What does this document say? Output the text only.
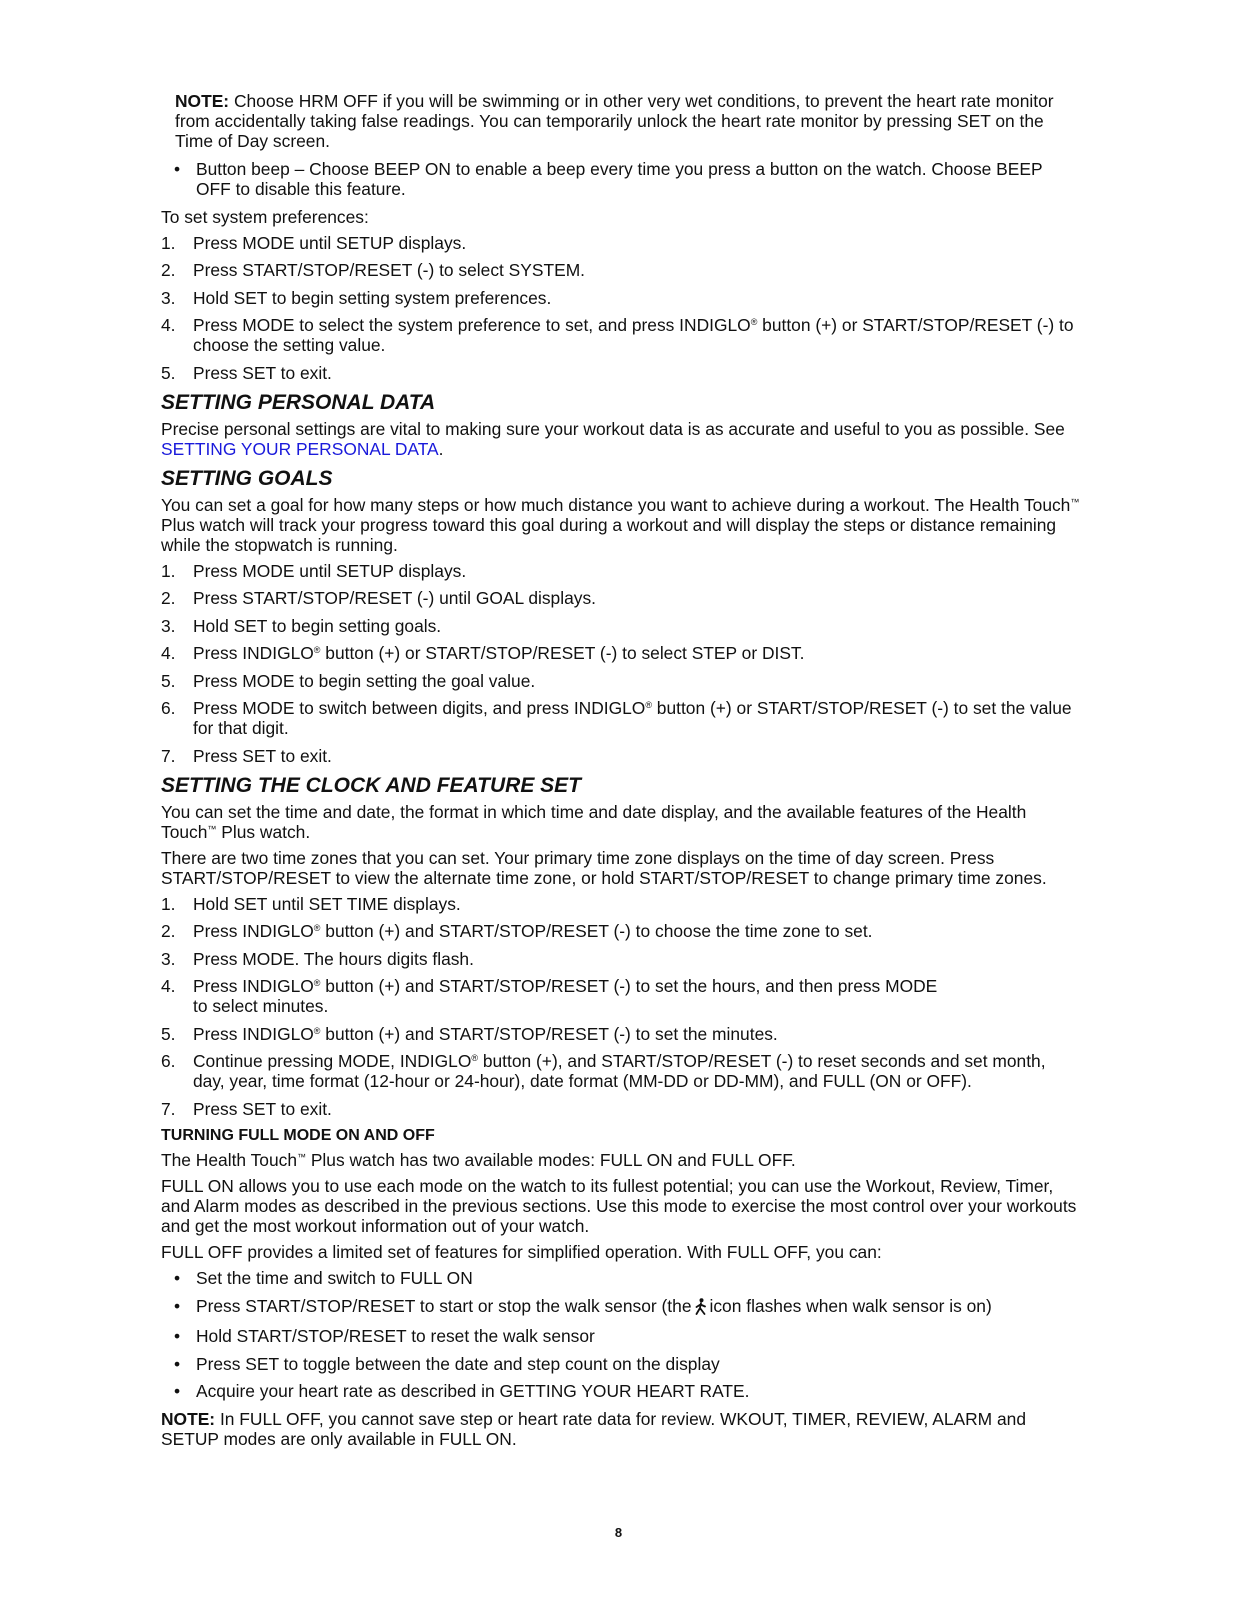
NOTE: Choose HRM OFF if you will be swimming or in other very wet conditions, to prevent the heart rate monitor from accidentally taking false readings. You can temporarily unlock the heart rate monitor by pressing SET on the Time of Day screen.

• Button beep – Choose BEEP ON to enable a beep every time you press a button on the watch. Choose BEEP OFF to disable this feature.

To set system preferences:

1.	Press MODE until SETUP displays.
2.	Press START/STOP/RESET (-) to select SYSTEM.
3.	Hold SET to begin setting system preferences.
4.	Press MODE to select the system preference to set, and press INDIGLO® button (+) or START/STOP/RESET (-) to choose the setting value.
5.	Press SET to exit.
SETTING PERSONAL DATA

Precise personal settings are vital to making sure your workout data is as accurate and useful to you as possible. See SETTING YOUR PERSONAL DATA.

SETTING GOALS

You can set a goal for how many steps or how much distance you want to achieve during a workout. The Health Touch™ Plus watch will track your progress toward this goal during a workout and will display the steps or distance remaining while the stopwatch is running.

1.	Press MODE until SETUP displays.
2.	Press START/STOP/RESET (-) until GOAL displays.
3.	Hold SET to begin setting goals.
4.	Press INDIGLO® button (+) or START/STOP/RESET (-) to select STEP or DIST.
5.	Press MODE to begin setting the goal value.
6.	Press MODE to switch between digits, and press INDIGLO® button (+) or START/STOP/RESET (-) to set the value for that digit.
7.	Press SET to exit.
SETTING THE CLOCK AND FEATURE SET

You can set the time and date, the format in which time and date display, and the available features of the Health Touch™ Plus watch.

There are two time zones that you can set. Your primary time zone displays on the time of day screen. Press START/STOP/RESET to view the alternate time zone, or hold START/STOP/RESET to change primary time zones.

1.	Hold SET until SET TIME displays.
2.	Press INDIGLO® button (+) and START/STOP/RESET (-) to choose the time zone to set.
3.	Press MODE. The hours digits flash.
4.	Press INDIGLO® button (+) and START/STOP/RESET (-) to set the hours, and then press MODE
to select minutes.
5.	Press INDIGLO® button (+) and START/STOP/RESET (-) to set the minutes.
6.	Continue pressing MODE, INDIGLO® button (+), and START/STOP/RESET (-) to reset seconds and set month, day, year, time format (12-hour or 24-hour), date format (MM-DD or DD-MM), and FULL (ON or OFF).
7.	Press SET to exit.
TURNING FULL MODE ON AND OFF

The Health Touch™ Plus watch has two available modes: FULL ON and FULL OFF.

FULL ON allows you to use each mode on the watch to its fullest potential; you can use the Workout, Review, Timer, and Alarm modes as described in the previous sections. Use this mode to exercise the most control over your workouts and get the most workout information out of your watch.

FULL OFF provides a limited set of features for simplified operation. With FULL OFF, you can:

• Set the time and switch to FULL ON
• Press START/STOP/RESET to start or stop the walk sensor (the icon flashes when walk sensor is on)
• Hold START/STOP/RESET to reset the walk sensor
• Press SET to toggle between the date and step count on the display
• Acquire your heart rate as described in GETTING YOUR HEART RATE.

NOTE: In FULL OFF, you cannot save step or heart rate data for review. WKOUT, TIMER, REVIEW, ALARM and SETUP modes are only available in FULL ON.

8
